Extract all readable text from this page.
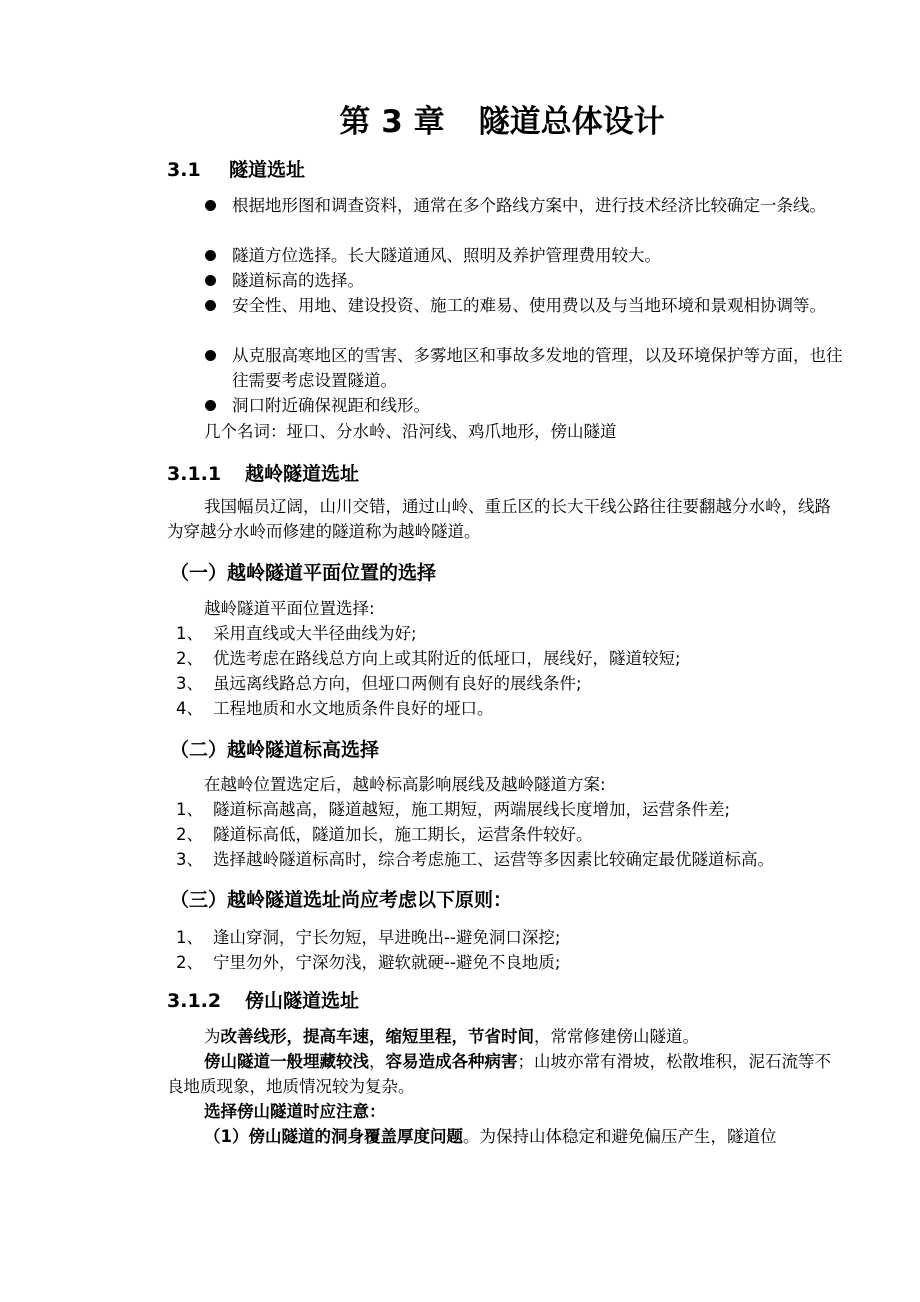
第 3 章 隧道总体设计
3.1 隧道选址
根据地形图和调查资料，通常在多个路线方案中，进行技术经济比较确定一条线。
隧道方位选择。长大隧道通风、照明及养护管理费用较大。
隧道标高的选择。
安全性、用地、建设投资、施工的难易、使用费以及与当地环境和景观相协调等。
从克服高寒地区的雪害、多雾地区和事故多发地的管理，以及环境保护等方面，也往往需要考虑设置隧道。
洞口附近确保视距和线形。
几个名词：垭口、分水岭、沿河线、鸡爪地形，傍山隧道
3.1.1 越岭隧道选址
我国幅员辽阔，山川交错，通过山岭、重丘区的长大干线公路往往要翻越分水岭，线路为穿越分水岭而修建的隧道称为越岭隧道。
（一）越岭隧道平面位置的选择
越岭隧道平面位置选择:
1、 采用直线或大半径曲线为好;
2、 优选考虑在路线总方向上或其附近的低垭口，展线好，隧道较短;
3、 虽远离线路总方向，但垭口两侧有良好的展线条件;
4、 工程地质和水文地质条件良好的垭口。
（二）越岭隧道标高选择
在越岭位置选定后，越岭标高影响展线及越岭隧道方案:
1、 隧道标高越高，隧道越短，施工期短，两端展线长度增加，运营条件差;
2、 隧道标高低，隧道加长，施工期长，运营条件较好。
3、 选择越岭隧道标高时，综合考虑施工、运营等多因素比较确定最优隧道标高。
（三）越岭隧道选址尚应考虑以下原则：
1、 逢山穿洞，宁长勿短，早进晚出--避免洞口深挖;
2、 宁里勿外，宁深勿浅，避软就硬--避免不良地质;
3.1.2 傍山隧道选址
为改善线形，提高车速，缩短里程，节省时间，常常修建傍山隧道。
傍山隧道一般埋藏较浅，容易造成各种病害；山坡亦常有滑坡，松散堆积，泥石流等不良地质现象，地质情况较为复杂。
选择傍山隧道时应注意：
（1）傍山隧道的洞身覆盖厚度问题。为保持山体稳定和避免偏压产生，隧道位
